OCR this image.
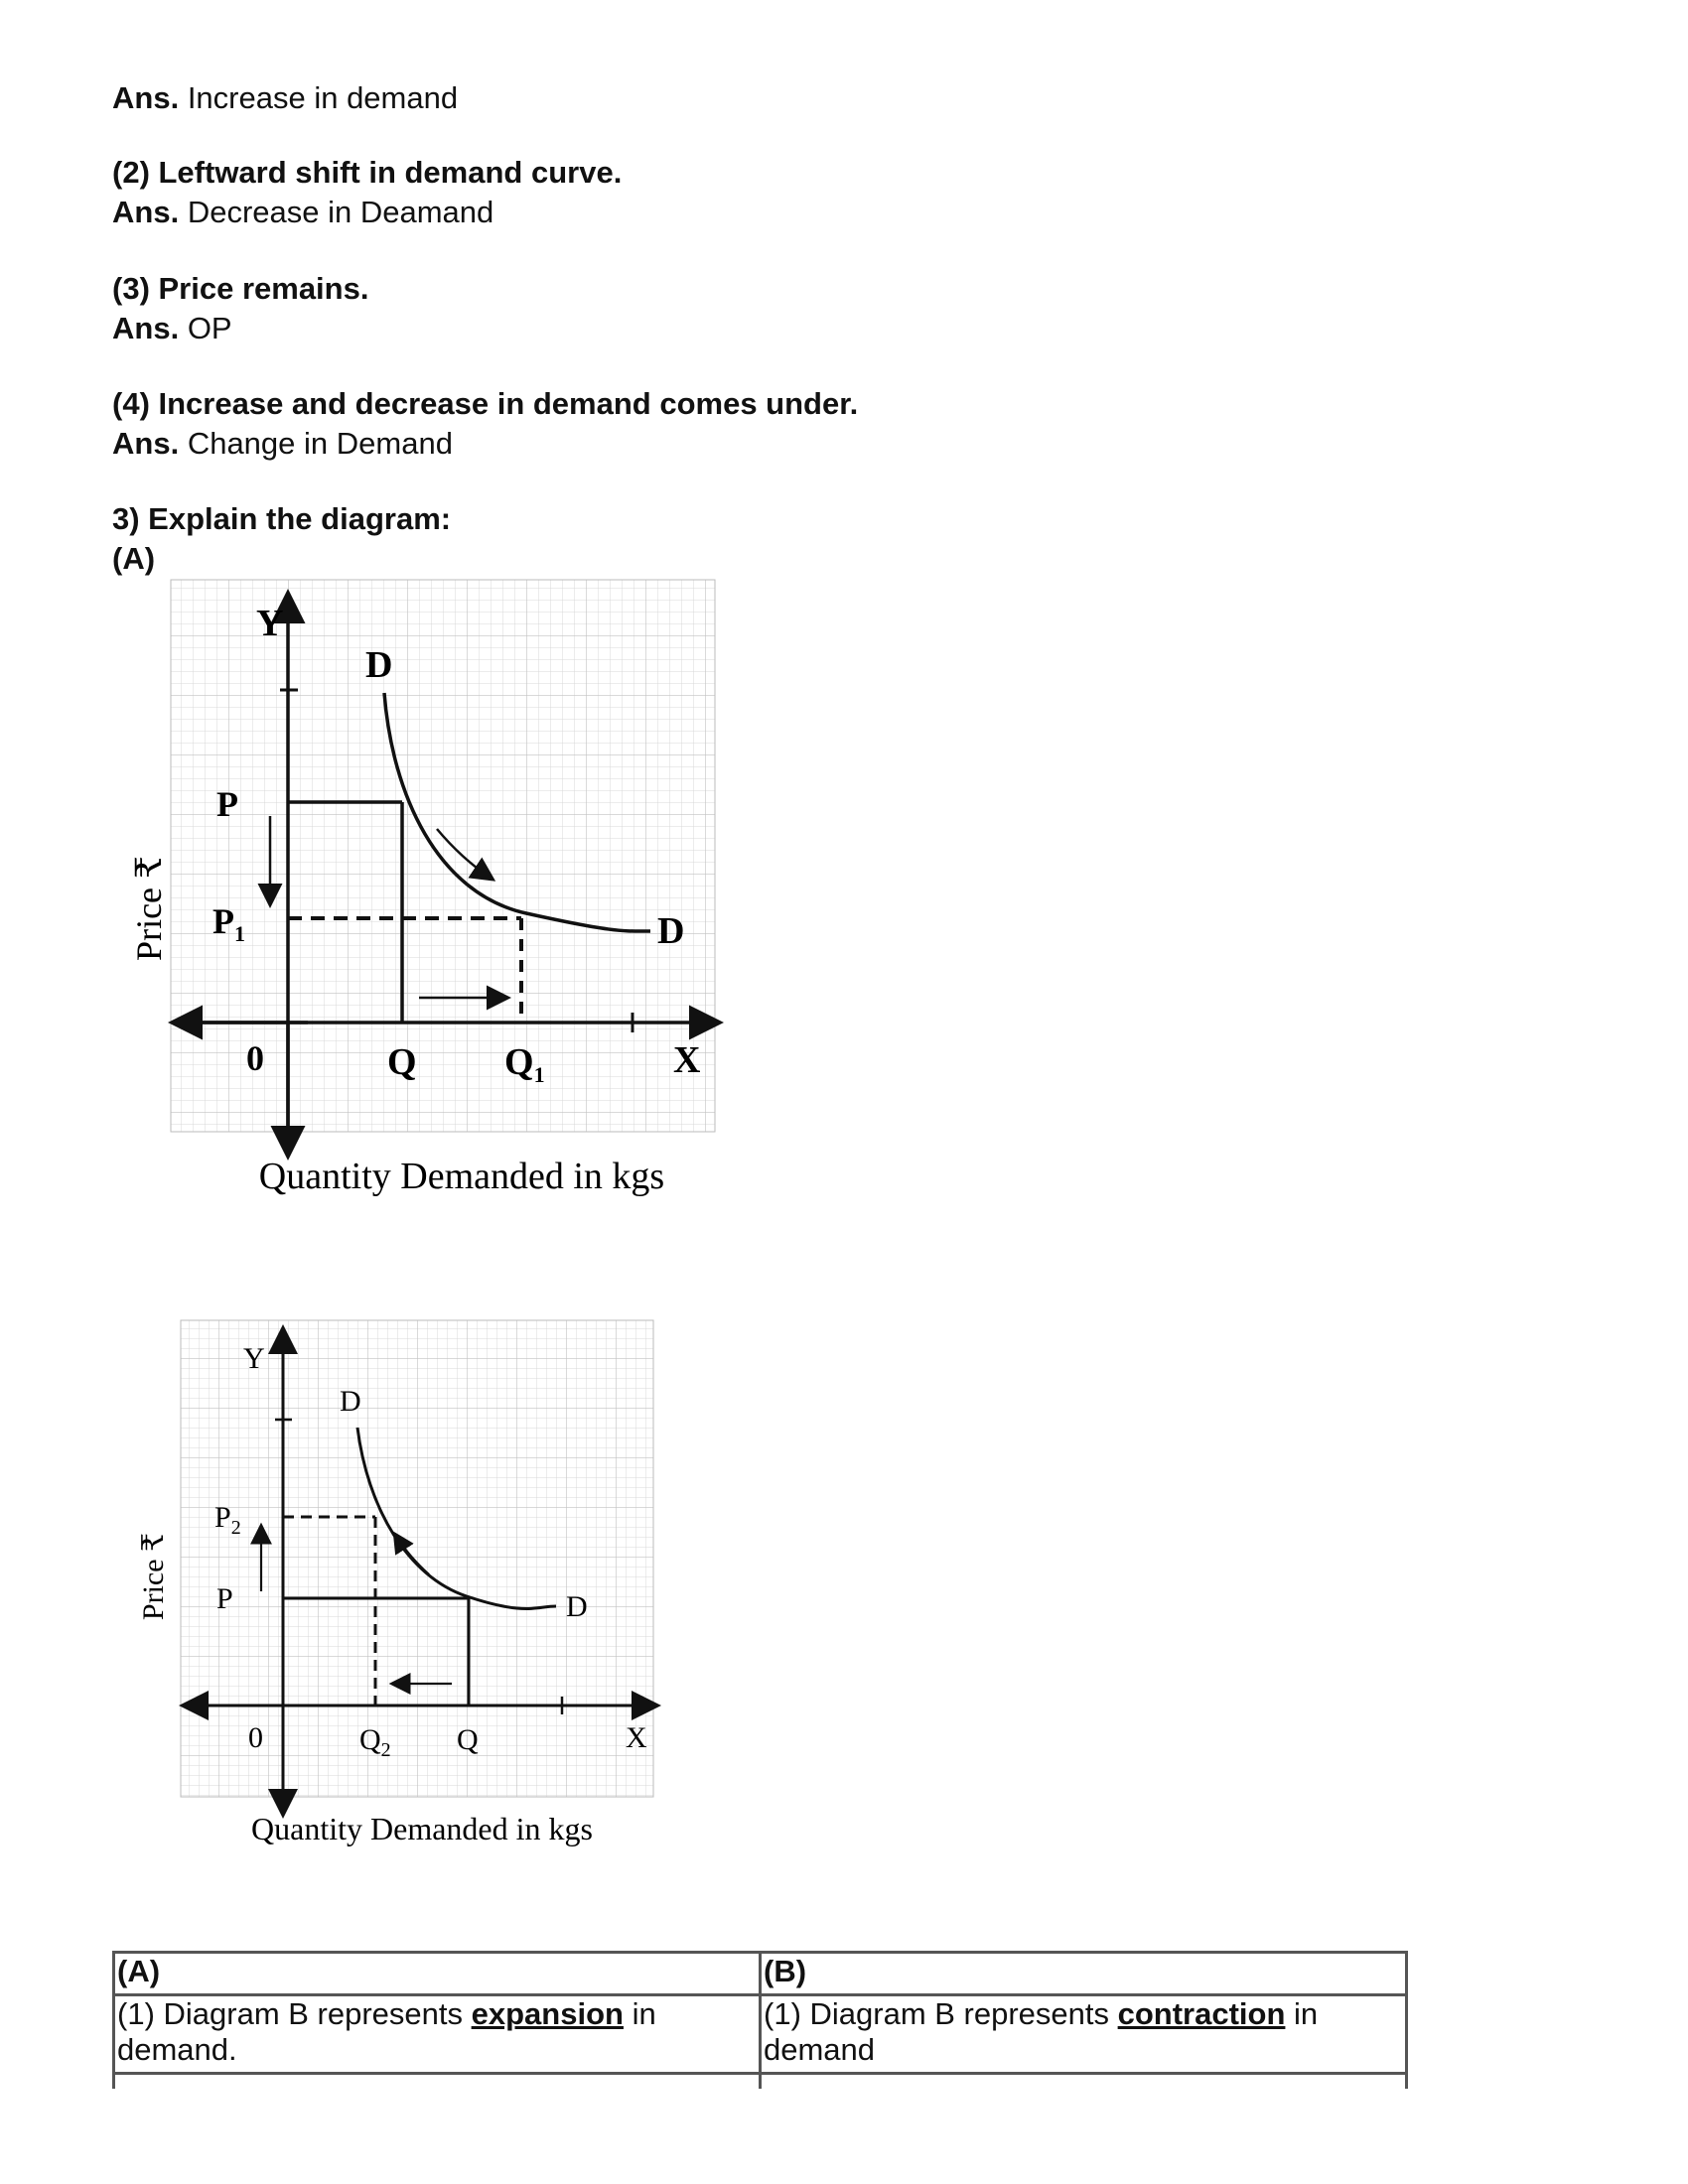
Ans. Increase in demand
(2) Leftward shift in demand curve.
Ans. Decrease in Deamand
(3) Price remains.
Ans. OP
(4) Increase and decrease in demand comes under.
Ans. Change in Demand
3) Explain the diagram:
(A)
Y
D
D
P
$P_1$
0	Q $Q_1$	X
Price ₹
Quantity Demanded in kgs
Y
D
D
$P_2$
P
0	$Q_2$ Q	X
Price ₹
Quantity Demanded in kgs
(A)	(B)
(1) Diagram B represents expansion in demand.	(1) Diagram B represents contraction in demand
